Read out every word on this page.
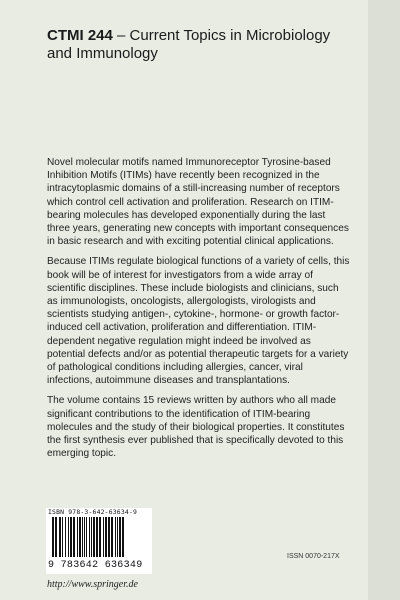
CTMI 244 – Current Topics in Microbiology and Immunology

Novel molecular motifs named Immunoreceptor Tyrosine-based Inhibition Motifs (ITIMs) have recently been recognized in the intracytoplasmic domains of a still-increasing number of receptors which control cell activation and proliferation. Research on ITIM-bearing molecules has developed exponentially during the last three years, generating new concepts with important consequences in basic research and with exciting potential clinical applications.

Because ITIMs regulate biological functions of a variety of cells, this book will be of interest for investigators from a wide array of scientific disciplines. These include biologists and clinicians, such as immunologists, oncologists, allergologists, virologists and scientists studying antigen-, cytokine-, hormone- or growth factor-induced cell activation, proliferation and differentiation. ITIM-dependent negative regulation might indeed be involved as potential defects and/or as potential therapeutic targets for a variety of pathological conditions including allergies, cancer, viral infections, autoimmune diseases and transplantations.

The volume contains 15 reviews written by authors who all made significant contributions to the identification of ITIM-bearing molecules and the study of their biological properties. It constitutes the first synthesis ever published that is specifically devoted to this emerging topic.

ISBN 978-3-642-63634-9
9 783642 636349
ISSN 0070-217X
http://www.springer.de
